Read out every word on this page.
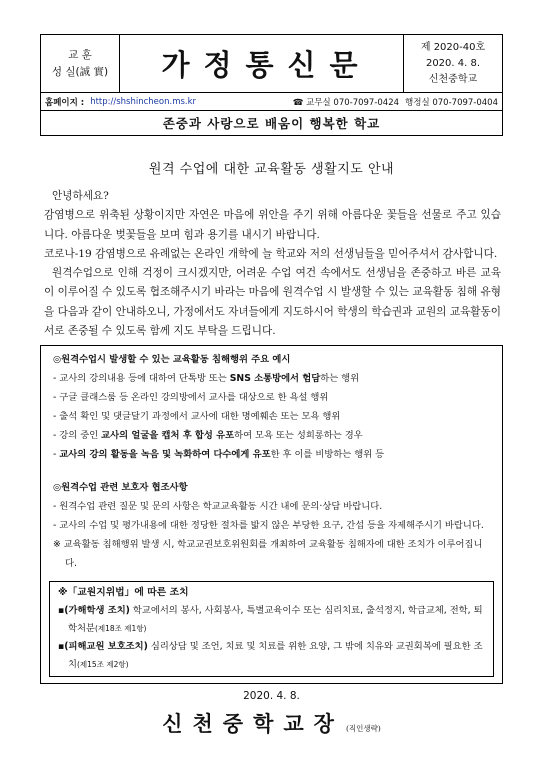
교 훈
성 실(誠 實)	가정통신문
제 2020-40호
2020. 4. 8.
신천중학교
홈페이지 : http://shshincheon.ms.kr	☎ 교무실 070-7097-0424 행정실 070-7097-0404
존중과 사랑으로 배움이 행복한 학교
원격 수업에 대한 교육활동 생활지도 안내

안녕하세요?

감염병으로 위축된 상황이지만 자연은 마음에 위안을 주기 위해 아름다운 꽃들을 선물로 주고 있습니다. 아름다운 벚꽃들을 보며 힘과 용기를 내시기 바랍니다.

코로나-19 감염병으로 유례없는 온라인 개학에 늘 학교와 저의 선생님들을 믿어주셔서 감사합니다.

원격수업으로 인해 걱정이 크시겠지만, 어려운 수업 여건 속에서도 선생님을 존중하고 바른 교육이 이루어질 수 있도록 협조해주시기 바라는 마음에 원격수업 시 발생할 수 있는 교육활동 침해 유형을 다음과 같이 안내하오니, 가정에서도 자녀들에게 지도하시어 학생의 학습권과 교원의 교육활동이 서로 존중될 수 있도록 함께 지도 부탁을 드립니다.

◎원격수업시 발생할 수 있는 교육활동 침해행위 주요 예시
- 교사의 강의내용 등에 대하여 단톡방 또는 SNS 소통방에서 험담하는 행위
- 구글 클래스룸 등 온라인 강의방에서 교사를 대상으로 한 욕설 행위
- 출석 확인 및 댓글달기 과정에서 교사에 대한 명예훼손 또는 모욕 행위
- 강의 중인 교사의 얼굴을 캡처 후 합성 유포하여 모욕 또는 성희롱하는 경우
- 교사의 강의 활동을 녹음 및 녹화하여 다수에게 유포한 후 이를 비방하는 행위 등
◎원격수업 관련 보호자 협조사항
- 원격수업 관련 질문 및 문의 사항은 학교교육활동 시간 내에 문의·상담 바랍니다.
- 교사의 수업 및 평가내용에 대한 정당한 절차를 밟지 않은 부당한 요구, 간섭 등을 자제해주시기 바랍니다.
※ 교육활동 침해행위 발생 시, 학교교권보호위원회를 개최하여 교육활동 침해자에 대한 조치가 이루어집니다.
※「교원지위법」에 따른 조치
▪(가해학생 조치) 학교에서의 봉사, 사회봉사, 특별교육이수 또는 심리치료, 출석정지, 학급교체, 전학, 퇴학처분(제18조 제1항)
▪(피해교원 보호조치) 심리상담 및 조언, 치료 및 치료를 위한 요양, 그 밖에 치유와 교권회복에 필요한 조치(제15조 제2항)
2020. 4. 8.
신천중학교장 (직인생략)
